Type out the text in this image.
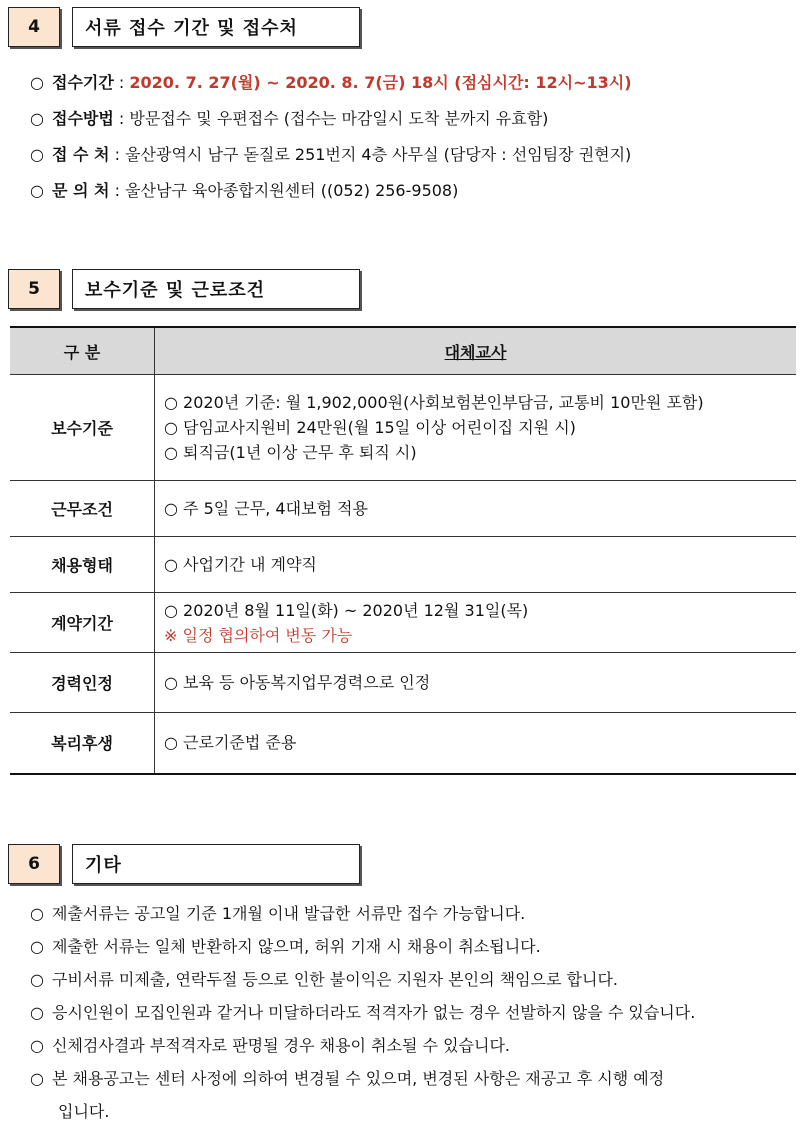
4	서류 접수 기간 및 접수처
○ 접수기간 : 2020. 7. 27(월) ~ 2020. 8. 7(금) 18시 (점심시간: 12시~13시)
○ 접수방법 : 방문접수 및 우편접수 (접수는 마감일시 도착 분까지 유효함)
○ 접 수 처 : 울산광역시 남구 돋질로 251번지 4층 사무실 (담당자 : 선임팀장 권현지)
○ 문 의 처 : 울산남구 육아종합지원센터 ((052) 256-9508)
5	보수기준 및 근로조건
구 분	대체교사
보수기준	○ 2020년 기준: 월 1,902,000원(사회보험본인부담금, 교통비 10만원 포함)
○ 담임교사지원비 24만원(월 15일 이상 어린이집 지원 시)
○ 퇴직금(1년 이상 근무 후 퇴직 시)

근무조건	○ 주 5일 근무, 4대보험 적용

채용형태	○ 사업기간 내 계약직

계약기간	○ 2020년 8월 11일(화) ~ 2020년 12월 31일(목)
※ 일정 협의하여 변동 가능

경력인정	○ 보육 등 아동복지업무경력으로 인정

복리후생	○ 근로기준법 준용
6	기타
○ 제출서류는 공고일 기준 1개월 이내 발급한 서류만 접수 가능합니다.
○ 제출한 서류는 일체 반환하지 않으며, 허위 기재 시 채용이 취소됩니다.
○ 구비서류 미제출, 연락두절 등으로 인한 불이익은 지원자 본인의 책임으로 합니다.
○ 응시인원이 모집인원과 같거나 미달하더라도 적격자가 없는 경우 선발하지 않을 수 있습니다.
○ 신체검사결과 부적격자로 판명될 경우 채용이 취소될 수 있습니다.
○ 본 채용공고는 센터 사정에 의하여 변경될 수 있으며, 변경된 사항은 재공고 후 시행 예정
입니다.
